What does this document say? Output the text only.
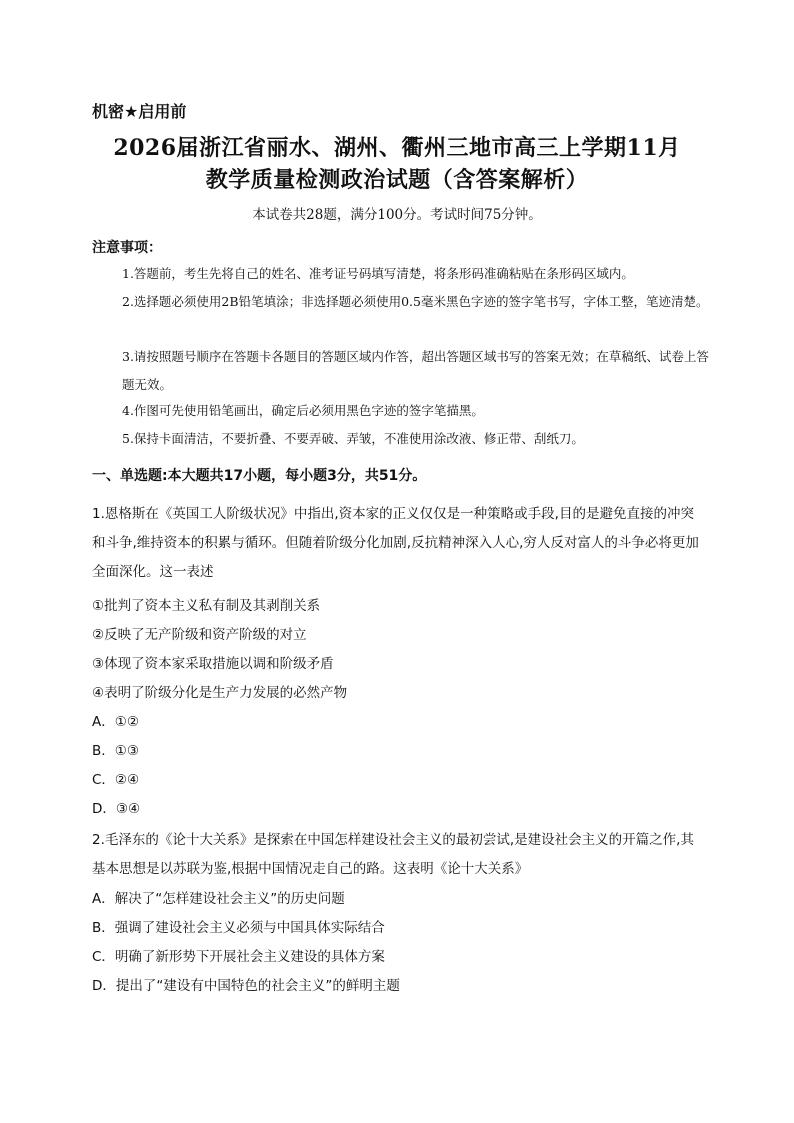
机密★启用前
2026届浙江省丽水、湖州、衢州三地市高三上学期11月
教学质量检测政治试题（含答案解析）
本试卷共28题，满分100分。考试时间75分钟。
注意事项：
1.答题前，考生先将自己的姓名、准考证号码填写清楚，将条形码准确粘贴在条形码区域内。
2.选择题必须使用2B铅笔填涂；非选择题必须使用0.5毫米黑色字迹的签字笔书写，字体工整，笔迹清楚。
3.请按照题号顺序在答题卡各题目的答题区域内作答，超出答题区域书写的答案无效；在草稿纸、试卷上答题无效。
4.作图可先使用铅笔画出，确定后必须用黑色字迹的签字笔描黑。
5.保持卡面清洁，不要折叠、不要弄破、弄皱，不准使用涂改液、修正带、刮纸刀。
一、单选题:本大题共17小题，每小题3分，共51分。
1.恩格斯在《英国工人阶级状况》中指出,资本家的正义仅仅是一种策略或手段,目的是避免直接的冲突和斗争,维持资本的积累与循环。但随着阶级分化加剧,反抗精神深入人心,穷人反对富人的斗争必将更加全面深化。这一表述
①批判了资本主义私有制及其剥削关系
②反映了无产阶级和资产阶级的对立
③体现了资本家采取措施以调和阶级矛盾
④表明了阶级分化是生产力发展的必然产物
A．①②
B．①③
C．②④
D．③④
2.毛泽东的《论十大关系》是探索在中国怎样建设社会主义的最初尝试,是建设社会主义的开篇之作,其基本思想是以苏联为鉴,根据中国情况走自己的路。这表明《论十大关系》
A．解决了“怎样建设社会主义”的历史问题
B．强调了建设社会主义必须与中国具体实际结合
C．明确了新形势下开展社会主义建设的具体方案
D．提出了“建设有中国特色的社会主义”的鲜明主题
